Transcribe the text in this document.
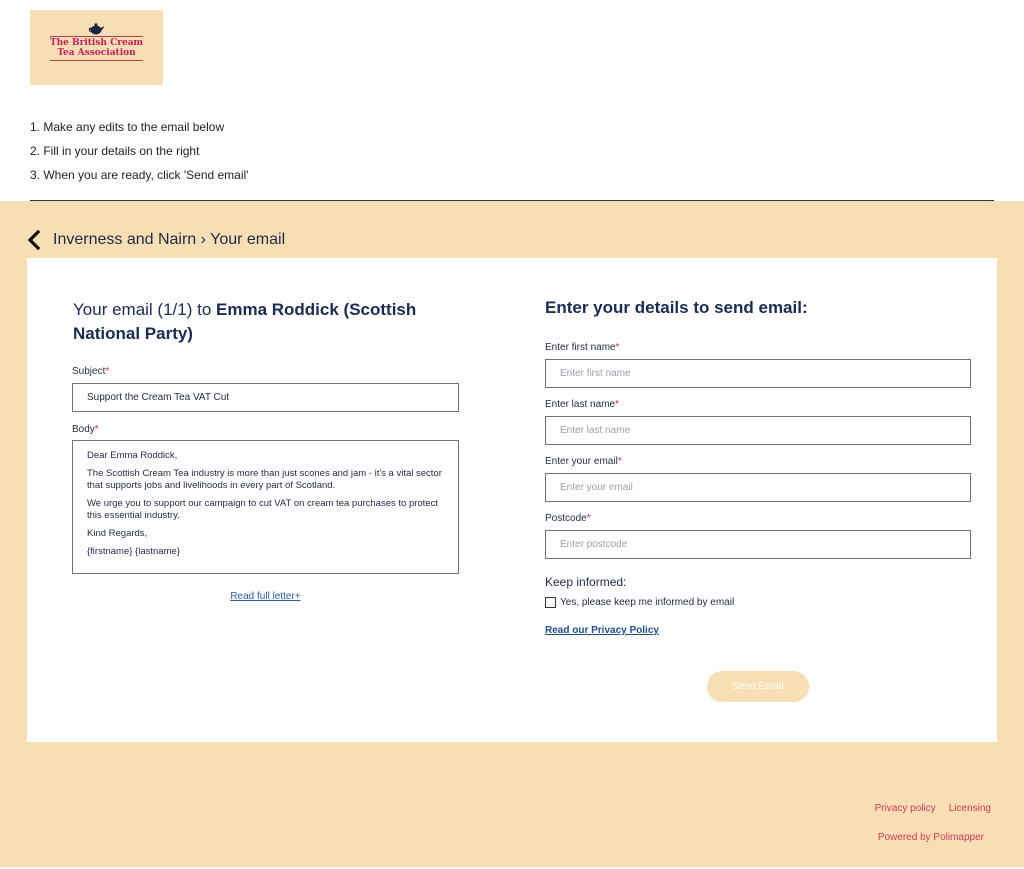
The British Cream
Tea Association
1. Make any edits to the email below
2. Fill in your details on the right
3. When you are ready, click 'Send email'
Inverness and Nairn › Your email
Your email (1/1) to Emma Roddick (Scottish National Party)
Subject*
Support the Cream Tea VAT Cut
Body*

Dear Emma Roddick,

The Scottish Cream Tea industry is more than just scones and jam - it's a vital sector that supports jobs and livelihoods in every part of Scotland.

We urge you to support our campaign to cut VAT on cream tea purchases to protect this essential industry.

Kind Regards,

{firstname} {lastname}

Read full letter+
Enter your details to send email:
Enter first name*
Enter first name
Enter last name*
Enter last name
Enter your email*
Enter your email
Postcode*
Enter postcode
Keep informed:
Yes, please keep me informed by email
Read our Privacy Policy
Send Email
Privacy policy Licensing
Powered by Polimapper
